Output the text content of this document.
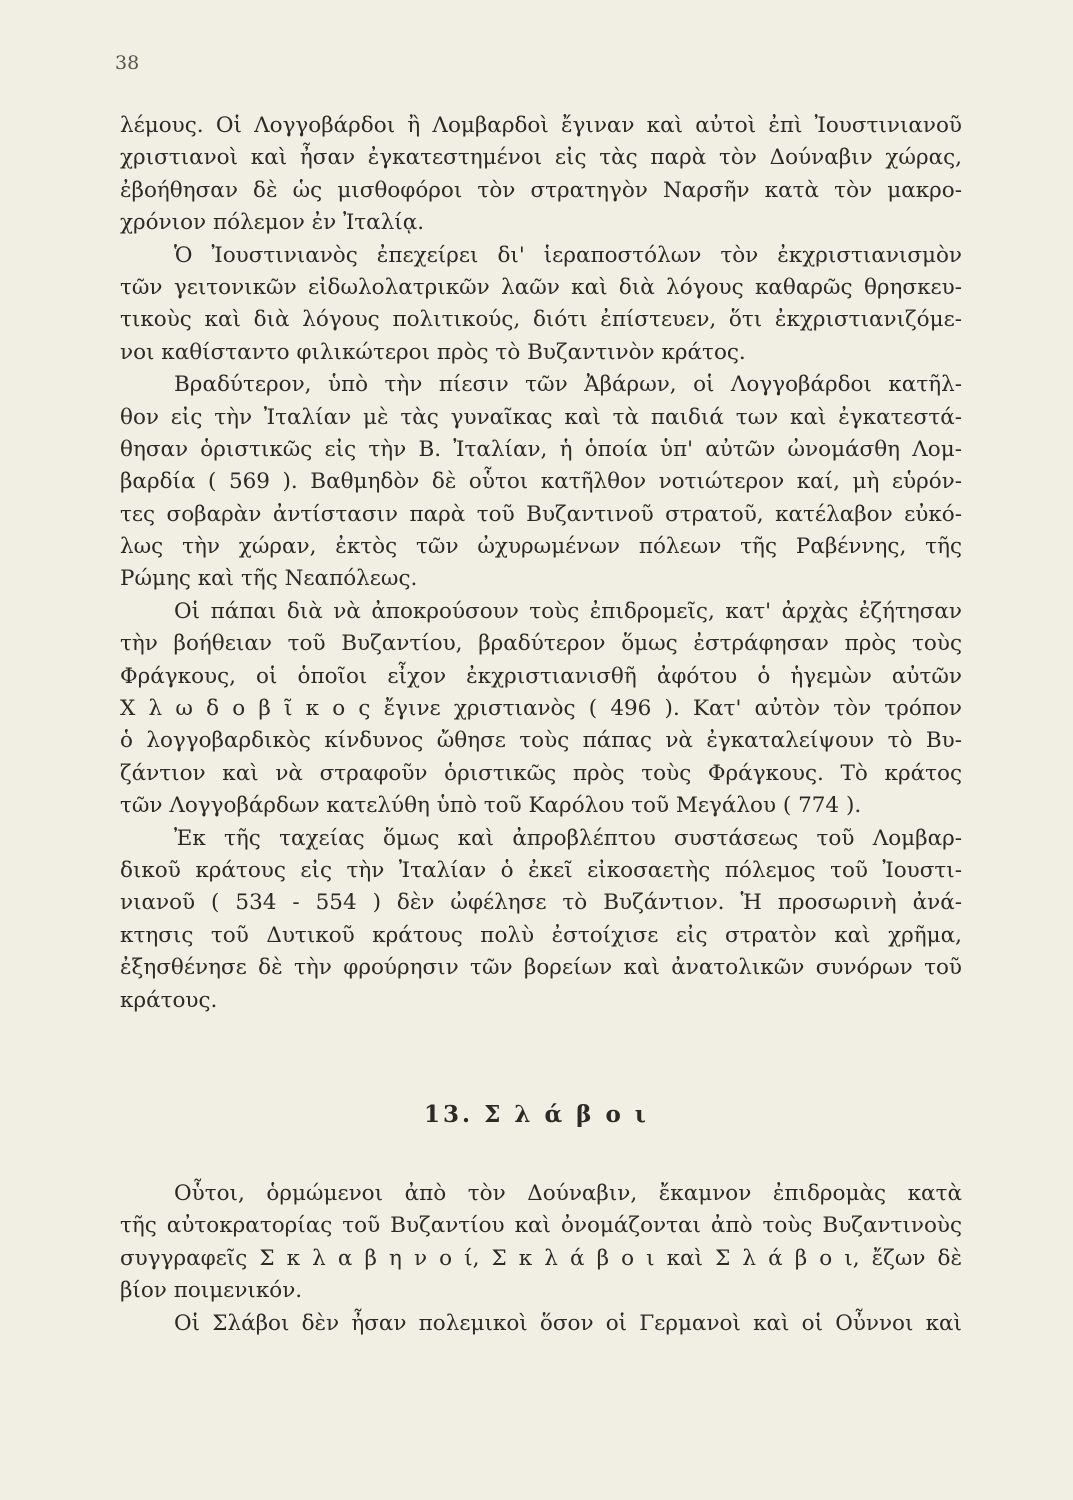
38
λέμους. Οἱ Λογγοβάρδοι ἢ Λομβαρδοὶ ἔγιναν καὶ αὐτοὶ ἐπὶ Ἰουστινιανοῦ
χριστιανοὶ καὶ ἦσαν ἐγκατεστημένοι εἰς τὰς παρὰ τὸν Δούναβιν χώρας,
ἐβοήθησαν δὲ ὡς μισθοφόροι τὸν στρατηγὸν Ναρσῆν κατὰ τὸν μακρο-
χρόνιον πόλεμον ἐν Ἰταλίᾳ.
Ὁ Ἰουστινιανὸς ἐπεχείρει δι' ἱεραποστόλων τὸν ἐκχριστιανισμὸν
τῶν γειτονικῶν εἰδωλολατρικῶν λαῶν καὶ διὰ λόγους καθαρῶς θρησκευ-
τικοὺς καὶ διὰ λόγους πολιτικούς, διότι ἐπίστευεν, ὅτι ἐκχριστιανιζόμε-
νοι καθίσταντο φιλικώτεροι πρὸς τὸ Βυζαντινὸν κράτος.
Βραδύτερον, ὑπὸ τὴν πίεσιν τῶν Ἀβάρων, οἱ Λογγοβάρδοι κατῆλ-
θον εἰς τὴν Ἰταλίαν μὲ τὰς γυναῖκας καὶ τὰ παιδιά των καὶ ἐγκατεστά-
θησαν ὁριστικῶς εἰς τὴν Β. Ἰταλίαν, ἡ ὁποία ὑπ' αὐτῶν ὠνομάσθη Λομ-
βαρδία ( 569 ). Βαθμηδὸν δὲ οὗτοι κατῆλθον νοτιώτερον καί, μὴ εὑρόν-
τες σοβαρὰν ἀντίστασιν παρὰ τοῦ Βυζαντινοῦ στρατοῦ, κατέλαβον εὐκό-
λως τὴν χώραν, ἐκτὸς τῶν ὠχυρωμένων πόλεων τῆς Ραβέννης, τῆς
Ρώμης καὶ τῆς Νεαπόλεως.
Οἱ πάπαι διὰ νὰ ἀποκρούσουν τοὺς ἐπιδρομεῖς, κατ' ἀρχὰς ἐζήτησαν
τὴν βοήθειαν τοῦ Βυζαντίου, βραδύτερον ὅμως ἐστράφησαν πρὸς τοὺς
Φράγκους, οἱ ὁποῖοι εἶχον ἐκχριστιανισθῆ ἀφότου ὁ ἡγεμὼν αὐτῶν
Χ λ ω δ ο β ῖ κ ο ς ἔγινε χριστιανὸς ( 496 ). Κατ' αὐτὸν τὸν τρόπον
ὁ λογγοβαρδικὸς κίνδυνος ὤθησε τοὺς πάπας νὰ ἐγκαταλείψουν τὸ Βυ-
ζάντιον καὶ νὰ στραφοῦν ὁριστικῶς πρὸς τοὺς Φράγκους. Τὸ κράτος
τῶν Λογγοβάρδων κατελύθη ὑπὸ τοῦ Καρόλου τοῦ Μεγάλου ( 774 ).
Ἐκ τῆς ταχείας ὅμως καὶ ἀπροβλέπτου συστάσεως τοῦ Λομβαρ-
δικοῦ κράτους εἰς τὴν Ἰταλίαν ὁ ἐκεῖ εἰκοσαετὴς πόλεμος τοῦ Ἰουστι-
νιανοῦ ( 534 - 554 ) δὲν ὠφέλησε τὸ Βυζάντιον. Ἡ προσωρινὴ ἀνά-
κτησις τοῦ Δυτικοῦ κράτους πολὺ ἐστοίχισε εἰς στρατὸν καὶ χρῆμα,
ἐξησθένησε δὲ τὴν φρούρησιν τῶν βορείων καὶ ἀνατολικῶν συνόρων τοῦ
κράτους.
13. Σ λ ά β ο ι
Οὗτοι, ὁρμώμενοι ἀπὸ τὸν Δούναβιν, ἔκαμνον ἐπιδρομὰς κατὰ
τῆς αὐτοκρατορίας τοῦ Βυζαντίου καὶ ὀνομάζονται ἀπὸ τοὺς Βυζαντινοὺς
συγγραφεῖς Σ κ λ α β η ν ο ί, Σ κ λ ά β ο ι καὶ Σ λ ά β ο ι, ἔζων δὲ
βίον ποιμενικόν.
Οἱ Σλάβοι δὲν ἦσαν πολεμικοὶ ὅσον οἱ Γερμανοὶ καὶ οἱ Οὖννοι καὶ
